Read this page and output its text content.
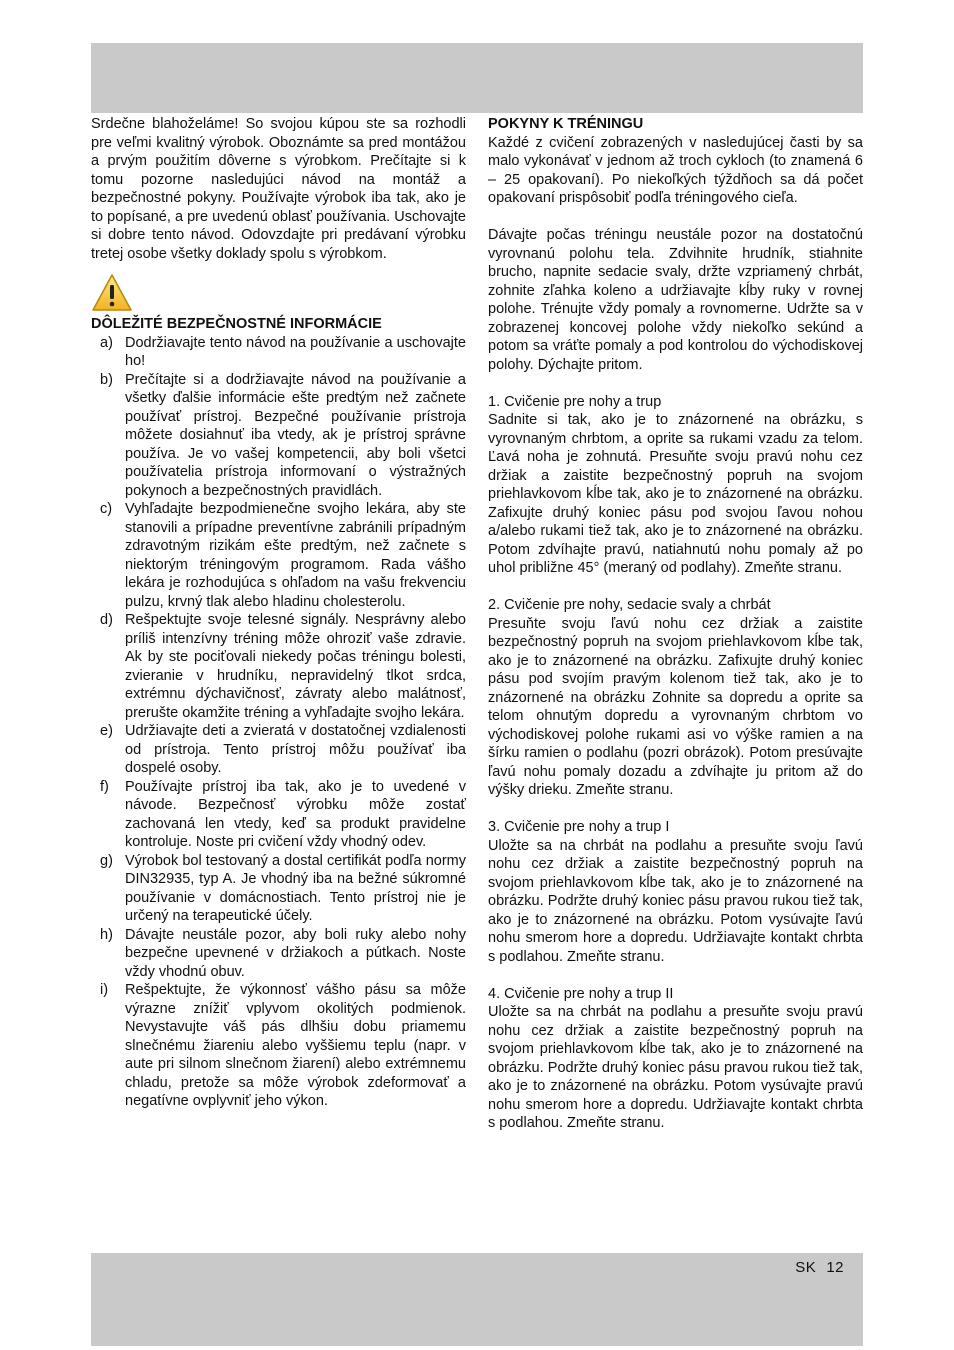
Srdečne blahoželáme! So svojou kúpou ste sa rozhodli pre veľmi kvalitný výrobok. Oboznámte sa pred montážou a prvým použitím dôverne s výrobkom. Prečítajte si k tomu pozorne nasledujúci návod na montáž a bezpečnostné pokyny. Používajte výrobok iba tak, ako je to popísané, a pre uvedenú oblasť používania. Uschovajte si dobre tento návod. Odovzdajte pri predávaní výrobku tretej osobe všetky doklady spolu s výrobkom.

DÔLEŽITÉ BEZPEČNOSTNÉ INFORMÁCIE

a) Dodržiavajte tento návod na používanie a uschovajte ho!
b) Prečítajte si a dodržiavajte návod na používanie a všetky ďalšie informácie ešte predtým než začnete používať prístroj. Bezpečné používanie prístroja môžete dosiahnuť iba vtedy, ak je prístroj správne používa. Je vo vašej kompetencii, aby boli všetci používatelia prístroja informovaní o výstražných pokynoch a bezpečnostných pravidlách.
c) Vyhľadajte bezpodmienečne svojho lekára, aby ste stanovili a prípadne preventívne zabránili prípadným zdravotným rizikám ešte predtým, než začnete s niektorým tréningovým programom. Rada vášho lekára je rozhodujúca s ohľadom na vašu frekvenciu pulzu, krvný tlak alebo hladinu cholesterolu.
d) Rešpektujte svoje telesné signály. Nesprávny alebo príliš intenzívny tréning môže ohroziť vaše zdravie. Ak by ste pociťovali niekedy počas tréningu bolesti, zvieranie v hrudníku, nepravidelný tlkot srdca, extrémnu dýchavičnosť, závraty alebo malátnosť, prerušte okamžite tréning a vyhľadajte svojho lekára.
e) Udržiavajte deti a zvieratá v dostatočnej vzdialenosti od prístroja. Tento prístroj môžu používať iba dospelé osoby.
f) Používajte prístroj iba tak, ako je to uvedené v návode. Bezpečnosť výrobku môže zostať zachovaná len vtedy, keď sa produkt pravidelne kontroluje. Noste pri cvičení vždy vhodný odev.
g) Výrobok bol testovaný a dostal certifikát podľa normy DIN32935, typ A. Je vhodný iba na bežné súkromné používanie v domácnostiach. Tento prístroj nie je určený na terapeutické účely.
h) Dávajte neustále pozor, aby boli ruky alebo nohy bezpečne upevnené v držiakoch a pútkach. Noste vždy vhodnú obuv.
i) Rešpektujte, že výkonnosť vášho pásu sa môže výrazne znížiť vplyvom okolitých podmienok. Nevystavujte váš pás dlhšiu dobu priamemu slnečnému žiareniu alebo vyššiemu teplu (napr. v aute pri silnom slnečnom žiarení) alebo extrémnemu chladu, pretože sa môže výrobok zdeformovať a negatívne ovplyvniť jeho výkon.

POKYNY K TRÉNINGU

Každé z cvičení zobrazených v nasledujúcej časti by sa malo vykonávať v jednom až troch cykloch (to znamená 6 – 25 opakovaní). Po niekoľkých týždňoch sa dá počet opakovaní prispôsobiť podľa tréningového cieľa.

Dávajte počas tréningu neustále pozor na dostatočnú vyrovnanú polohu tela. Zdvihnite hrudník, stiahnite brucho, napnite sedacie svaly, držte vzpriamený chrbát, zohnite zľahka koleno a udržiavajte kĺby ruky v rovnej polohe. Trénujte vždy pomaly a rovnomerne. Udržte sa v zobrazenej koncovej polohe vždy niekoľko sekúnd a potom sa vráťte pomaly a pod kontrolou do východiskovej polohy. Dýchajte pritom.

1. Cvičenie pre nohy a trup

Sadnite si tak, ako je to znázornené na obrázku, s vyrovnaným chrbtom, a oprite sa rukami vzadu za telom. Ľavá noha je zohnutá. Presuňte svoju pravú nohu cez držiak a zaistite bezpečnostný popruh na svojom priehlavkovom kĺbe tak, ako je to znázornené na obrázku. Zafixujte druhý koniec pásu pod svojou ľavou nohou a/alebo rukami tiež tak, ako je to znázornené na obrázku. Potom zdvíhajte pravú, natiahnutú nohu pomaly až po uhol približne 45° (meraný od podlahy). Zmeňte stranu.

2. Cvičenie pre nohy, sedacie svaly a chrbát

Presuňte svoju ľavú nohu cez držiak a zaistite bezpečnostný popruh na svojom priehlavkovom kĺbe tak, ako je to znázornené na obrázku. Zafixujte druhý koniec pásu pod svojím pravým kolenom tiež tak, ako je to znázornené na obrázku Zohnite sa dopredu a oprite sa telom ohnutým dopredu a vyrovnaným chrbtom vo východiskovej polohe rukami asi vo výške ramien a na šírku ramien o podlahu (pozri obrázok). Potom presúvajte ľavú nohu pomaly dozadu a zdvíhajte ju pritom až do výšky drieku. Zmeňte stranu.

3. Cvičenie pre nohy a trup I

Uložte sa na chrbát na podlahu a presuňte svoju ľavú nohu cez držiak a zaistite bezpečnostný popruh na svojom priehlavkovom kĺbe tak, ako je to znázornené na obrázku. Podržte druhý koniec pásu pravou rukou tiež tak, ako je to znázornené na obrázku. Potom vysúvajte ľavú nohu smerom hore a dopredu. Udržiavajte kontakt chrbta s podlahou. Zmeňte stranu.

4. Cvičenie pre nohy a trup II

Uložte sa na chrbát na podlahu a presuňte svoju pravú nohu cez držiak a zaistite bezpečnostný popruh na svojom priehlavkovom kĺbe tak, ako je to znázornené na obrázku. Podržte druhý koniec pásu pravou rukou tiež tak, ako je to znázornené na obrázku. Potom vysúvajte pravú nohu smerom hore a dopredu. Udržiavajte kontakt chrbta s podlahou. Zmeňte stranu.

SK 12
